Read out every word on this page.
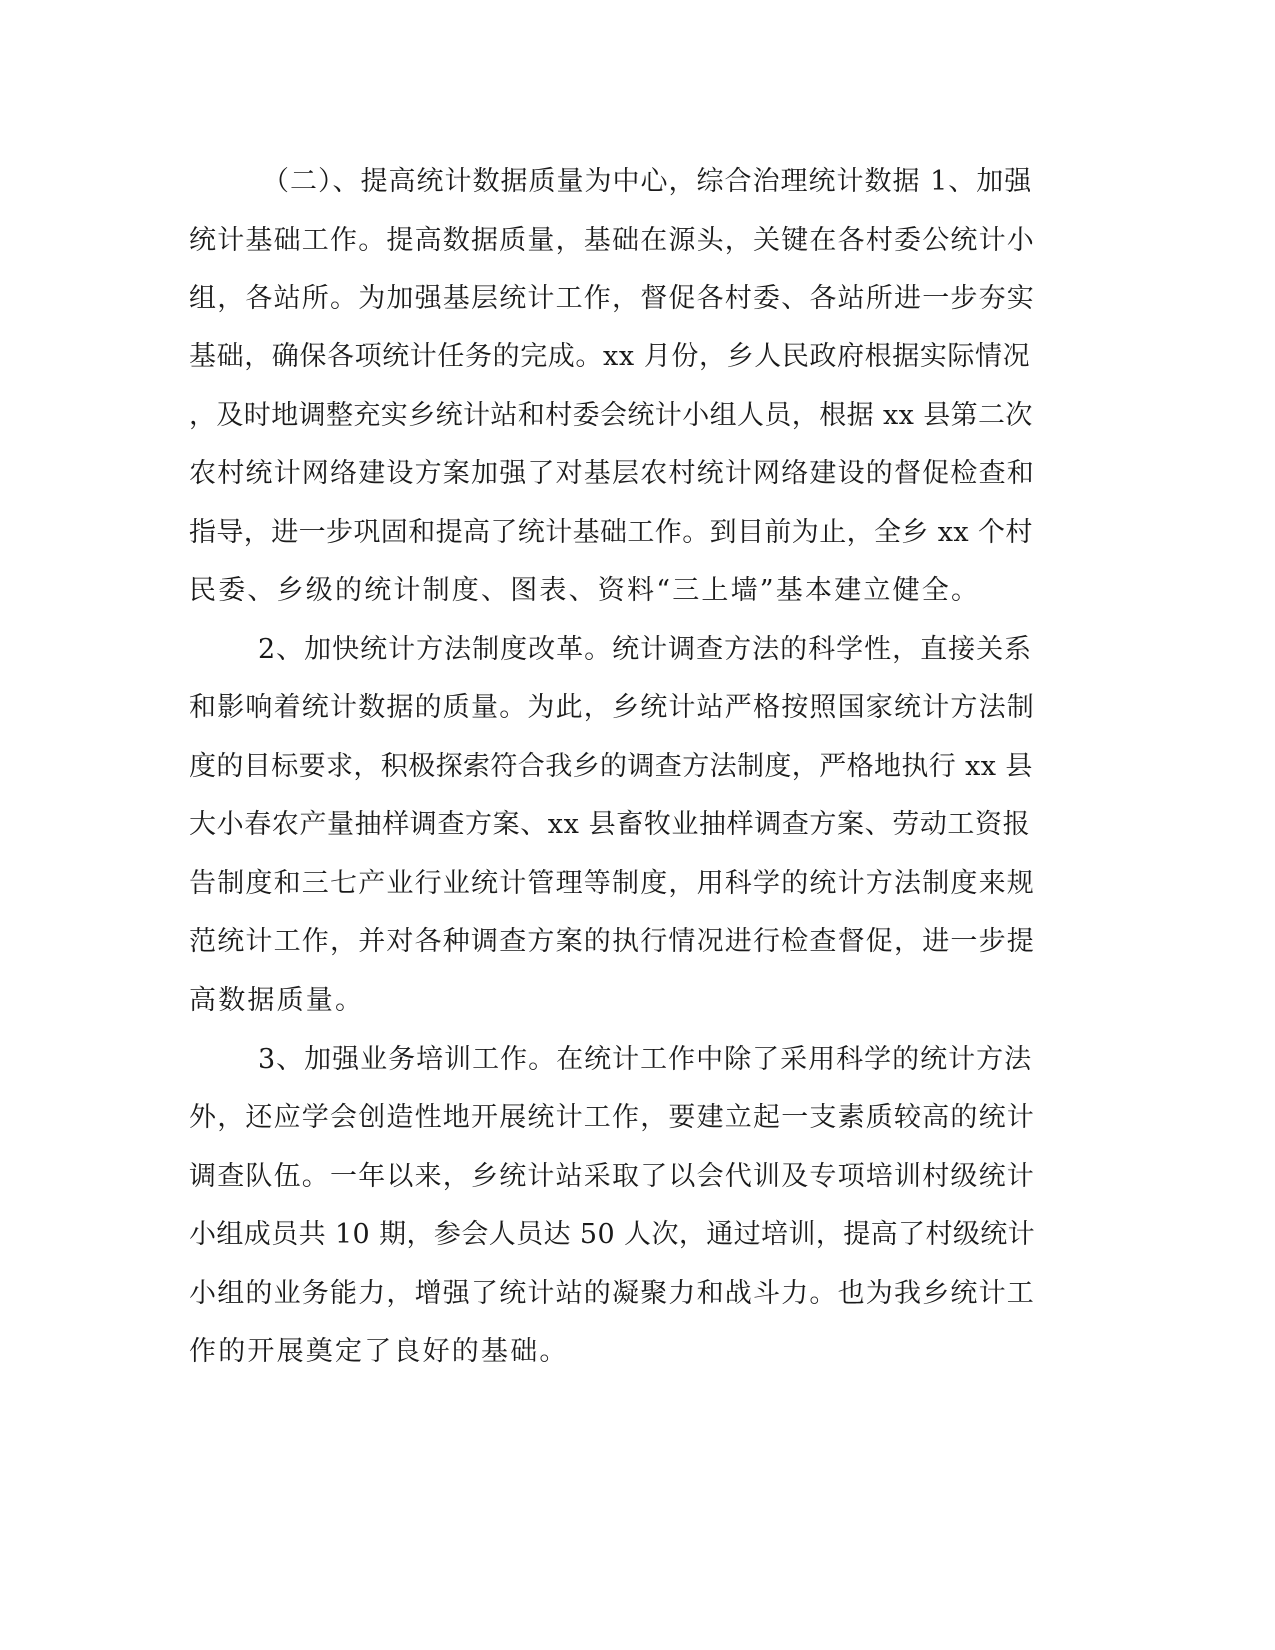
（二）、提高统计数据质量为中心，综合治理统计数据 1、加强
统计基础工作。提高数据质量，基础在源头，关键在各村委公统计小
组，各站所。为加强基层统计工作，督促各村委、各站所进一步夯实
基础，确保各项统计任务的完成。xx 月份，乡人民政府根据实际情况
，及时地调整充实乡统计站和村委会统计小组人员，根据 xx 县第二次
农村统计网络建设方案加强了对基层农村统计网络建设的督促检查和
指导，进一步巩固和提高了统计基础工作。到目前为止，全乡 xx 个村
民委、乡级的统计制度、图表、资料“三上墙”基本建立健全。
2、加快统计方法制度改革。统计调查方法的科学性，直接关系
和影响着统计数据的质量。为此，乡统计站严格按照国家统计方法制
度的目标要求，积极探索符合我乡的调查方法制度，严格地执行 xx 县
大小春农产量抽样调查方案、xx 县畜牧业抽样调查方案、劳动工资报
告制度和三七产业行业统计管理等制度，用科学的统计方法制度来规
范统计工作，并对各种调查方案的执行情况进行检查督促，进一步提
高数据质量。
3、加强业务培训工作。在统计工作中除了采用科学的统计方法
外，还应学会创造性地开展统计工作，要建立起一支素质较高的统计
调查队伍。一年以来，乡统计站采取了以会代训及专项培训村级统计
小组成员共 10 期，参会人员达 50 人次，通过培训，提高了村级统计
小组的业务能力，增强了统计站的凝聚力和战斗力。也为我乡统计工
作的开展奠定了良好的基础。
